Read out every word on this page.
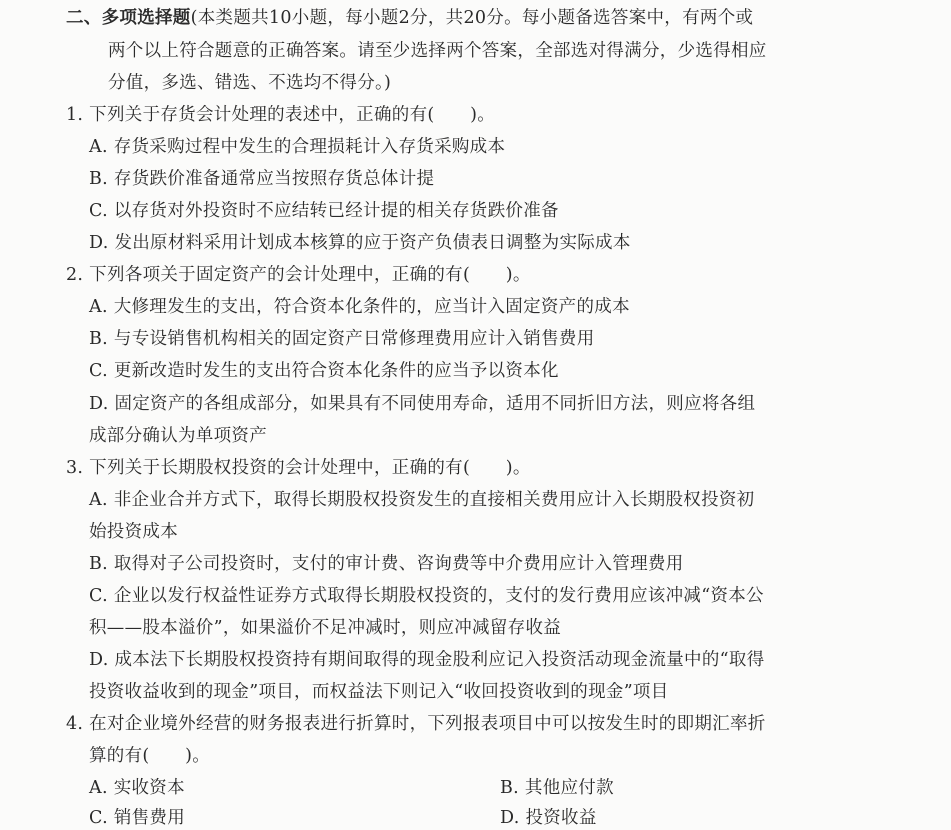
二、多项选择题(本类题共10小题，每小题2分，共20分。每小题备选答案中，有两个或
两个以上符合题意的正确答案。请至少选择两个答案，全部选对得满分，少选得相应
分值，多选、错选、不选均不得分。)
1. 下列关于存货会计处理的表述中，正确的有(　　)。
A. 存货采购过程中发生的合理损耗计入存货采购成本
B. 存货跌价准备通常应当按照存货总体计提
C. 以存货对外投资时不应结转已经计提的相关存货跌价准备
D. 发出原材料采用计划成本核算的应于资产负债表日调整为实际成本
2. 下列各项关于固定资产的会计处理中，正确的有(　　)。
A. 大修理发生的支出，符合资本化条件的，应当计入固定资产的成本
B. 与专设销售机构相关的固定资产日常修理费用应计入销售费用
C. 更新改造时发生的支出符合资本化条件的应当予以资本化
D. 固定资产的各组成部分，如果具有不同使用寿命，适用不同折旧方法，则应将各组
成部分确认为单项资产
3. 下列关于长期股权投资的会计处理中，正确的有(　　)。
A. 非企业合并方式下，取得长期股权投资发生的直接相关费用应计入长期股权投资初
始投资成本
B. 取得对子公司投资时，支付的审计费、咨询费等中介费用应计入管理费用
C. 企业以发行权益性证券方式取得长期股权投资的，支付的发行费用应该冲减“资本公
积——股本溢价”，如果溢价不足冲减时，则应冲减留存收益
D. 成本法下长期股权投资持有期间取得的现金股利应记入投资活动现金流量中的“取得
投资收益收到的现金”项目，而权益法下则记入“收回投资收到的现金”项目
4. 在对企业境外经营的财务报表进行折算时，下列报表项目中可以按发生时的即期汇率折
算的有(　　)。
A. 实收资本	B. 其他应付款
C. 销售费用	D. 投资收益
